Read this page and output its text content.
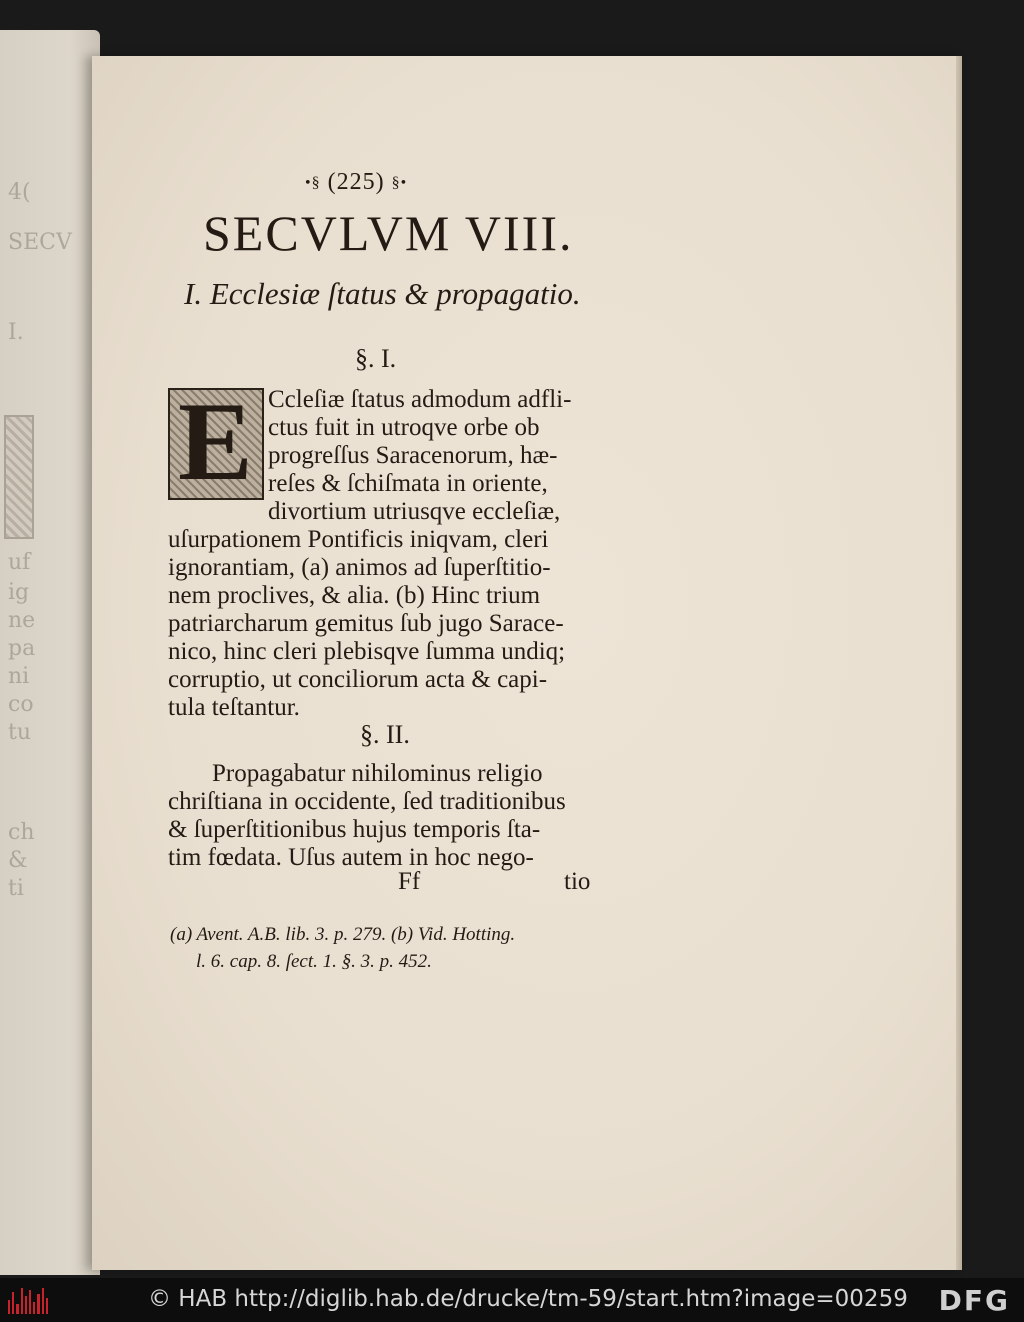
4(
SECV
I.
uf
ig
ne
pa
ni
co
tu
ch
&
ti
•§ (225) §•
SECVLVM VIII.
I. Ecclesiæ ſtatus & propagatio.
§. I.
E Ccleſiæ ſtatus admodum adfli-
ctus fuit in utroqve orbe ob
progreſſus Saracenorum, hæ-
reſes & ſchiſmata in oriente,
divortium utriusqve eccleſiæ,
uſurpationem Pontificis iniqvam, cleri
ignorantiam, (a) animos ad ſuperſtitio-
nem proclives, & alia. (b) Hinc trium
patriarcharum gemitus ſub jugo Sarace-
nico, hinc cleri plebisqve ſumma undiq;
corruptio, ut conciliorum acta & capi-
tula teſtantur.
§. II.
Propagabatur nihilominus religio
chriſtiana in occidente, ſed traditionibus
& ſuperſtitionibus hujus temporis ſta-
tim fœdata. Uſus autem in hoc nego-
Ff	tio
(a) Avent. A.B. lib. 3. p. 279. (b) Vid. Hotting.
l. 6. cap. 8. ſect. 1. §. 3. p. 452.
© HAB http://diglib.hab.de/drucke/tm-59/start.htm?image=00259 DFG
